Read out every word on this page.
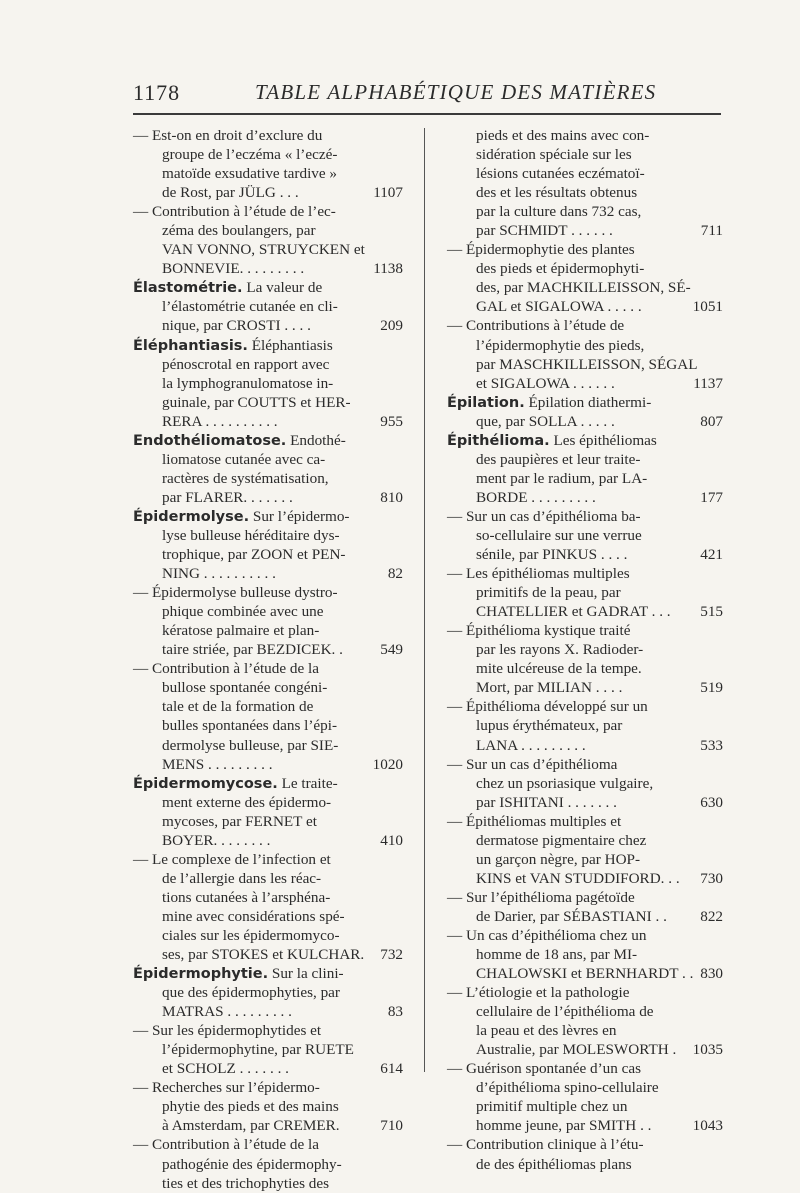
1178	TABLE ALPHABÉTIQUE DES MATIÈRES
— Est-on en droit d’exclure du
groupe de l’eczéma « l’eczé-
matoïde exsudative tardive »
de Rost, par JÜLG . . .	1107
— Contribution à l’étude de l’ec-
zéma des boulangers, par
VAN VONNO, STRUYCKEN et
BONNEVIE. . . . . . . . .	1138
Élastométrie. La valeur de
l’élastométrie cutanée en cli-
nique, par CROSTI . . . .	209
Éléphantiasis. Éléphantiasis
pénoscrotal en rapport avec
la lymphogranulomatose in-
guinale, par COUTTS et HER-
RERA . . . . . . . . . .	955
Endothéliomatose. Endothé-
liomatose cutanée avec ca-
ractères de systématisation,
par FLARER. . . . . . .	810
Épidermolyse. Sur l’épidermo-
lyse bulleuse héréditaire dys-
trophique, par ZOON et PEN-
NING . . . . . . . . . .	82
— Épidermolyse bulleuse dystro-
phique combinée avec une
kératose palmaire et plan-
taire striée, par BEZDICEK. . 549
— Contribution à l’étude de la
bullose spontanée congéni-
tale et de la formation de
bulles spontanées dans l’épi-
dermolyse bulleuse, par SIE-
MENS . . . . . . . . .	1020
Épidermomycose. Le traite-
ment externe des épidermo-
mycoses, par FERNET et
BOYER. . . . . . . .	410
— Le complexe de l’infection et
de l’allergie dans les réac-
tions cutanées à l’arsphéna-
mine avec considérations spé-
ciales sur les épidermomyco-
ses, par STOKES et KULCHAR. 732
Épidermophytie. Sur la clini-
que des épidermophyties, par
MATRAS . . . . . . . . .	83
— Sur les épidermophytides et
l’épidermophytine, par RUETE
et SCHOLZ . . . . . . .	614
— Recherches sur l’épidermo-
phytie des pieds et des mains
à Amsterdam, par CREMER.	710
— Contribution à l’étude de la
pathogénie des épidermophy-
ties et des trichophyties des
pieds et des mains avec con-
sidération spéciale sur les
lésions cutanées eczématoï-
des et les résultats obtenus
par la culture dans 732 cas,
par SCHMIDT . . . . . .	711
— Épidermophytie des plantes
des pieds et épidermophyti-
des, par MACHKILLEISSON, SÉ-
GAL et SIGALOWA . . . . .	1051
— Contributions à l’étude de
l’épidermophytie des pieds,
par MASCHKILLEISSON, SÉGAL
et SIGALOWA . . . . . .	1137
Épilation. Épilation diathermi-
que, par SOLLA . . . . .	807
Épithélioma. Les épithéliomas
des paupières et leur traite-
ment par le radium, par LA-
BORDE . . . . . . . . .	177
— Sur un cas d’épithélioma ba-
so-cellulaire sur une verrue
sénile, par PINKUS . . . .	421
— Les épithéliomas multiples
primitifs de la peau, par
CHATELLIER et GADRAT . . . 515
— Épithélioma kystique traité
par les rayons X. Radioder-
mite ulcéreuse de la tempe.
Mort, par MILIAN . . . .	519
— Épithélioma développé sur un
lupus érythémateux, par
LANA . . . . . . . . .	533
— Sur un cas d’épithélioma
chez un psoriasique vulgaire,
par ISHITANI . . . . . . .	630
— Épithéliomas multiples et
dermatose pigmentaire chez
un garçon nègre, par HOP-
KINS et VAN STUDDIFORD. . . 730
— Sur l’épithélioma pagétoïde
de Darier, par SÉBASTIANI . . 822
— Un cas d’épithélioma chez un
homme de 18 ans, par MI-
CHALOWSKI et BERNHARDT . . 830
— L’étiologie et la pathologie
cellulaire de l’épithélioma de
la peau et des lèvres en
Australie, par MOLESWORTH . 1035
— Guérison spontanée d’un cas
d’épithélioma spino-cellulaire
primitif multiple chez un
homme jeune, par SMITH . .	1043
— Contribution clinique à l’étu-
de des épithéliomas plans
